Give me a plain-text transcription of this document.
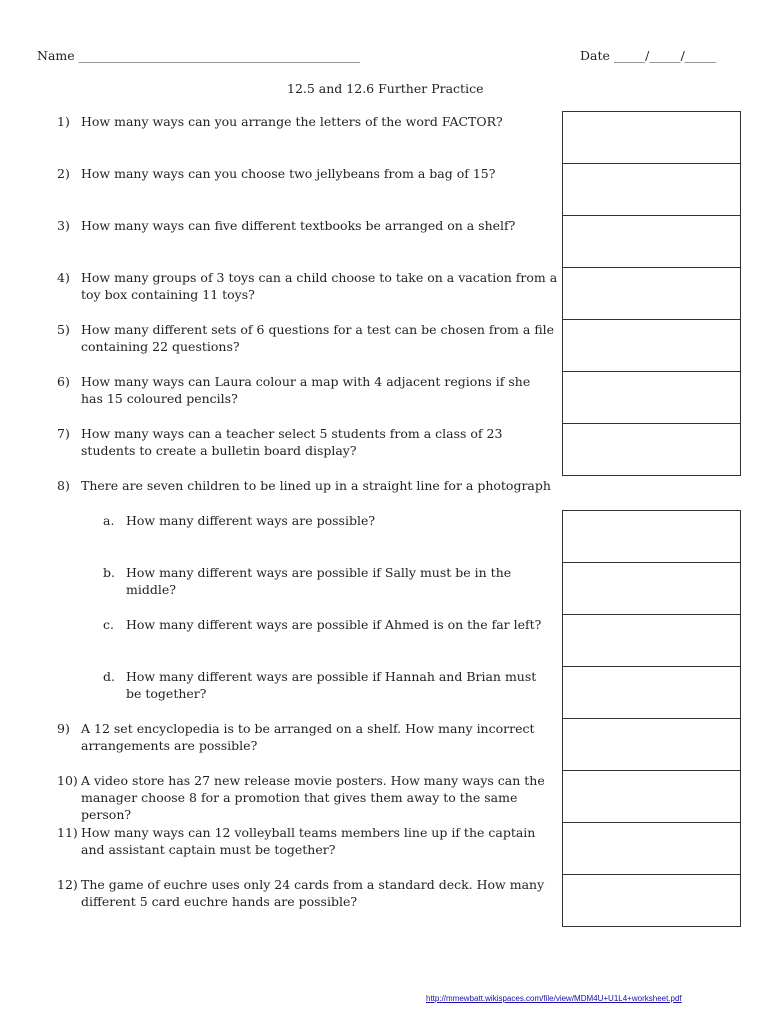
Name _____________________________________________	Date _____/_____/_____
12.5 and 12.6 Further Practice
1) How many ways can you arrange the letters of the word FACTOR?
2) How many ways can you choose two jellybeans from a bag of 15?
3) How many ways can five different textbooks be arranged on a shelf?
4) How many groups of 3 toys can a child choose to take on a vacation from a
toy box containing 11 toys?
5) How many different sets of 6 questions for a test can be chosen from a file
containing 22 questions?
6) How many ways can Laura colour a map with 4 adjacent regions if she
has 15 coloured pencils?
7) How many ways can a teacher select 5 students from a class of 23
students to create a bulletin board display?
8) There are seven children to be lined up in a straight line for a photograph
a. How many different ways are possible?
b. How many different ways are possible if Sally must be in the
middle?
c. How many different ways are possible if Ahmed is on the far left?
d. How many different ways are possible if Hannah and Brian must
be together?
9) A 12 set encyclopedia is to be arranged on a shelf. How many incorrect
arrangements are possible?
10) A video store has 27 new release movie posters. How many ways can the
manager choose 8 for a promotion that gives them away to the same
person?
11) How many ways can 12 volleyball teams members line up if the captain
and assistant captain must be together?
12) The game of euchre uses only 24 cards from a standard deck. How many
different 5 card euchre hands are possible?
http://mmewbatt.wikispaces.com/file/view/MDM4U+U1L4+worksheet.pdf
